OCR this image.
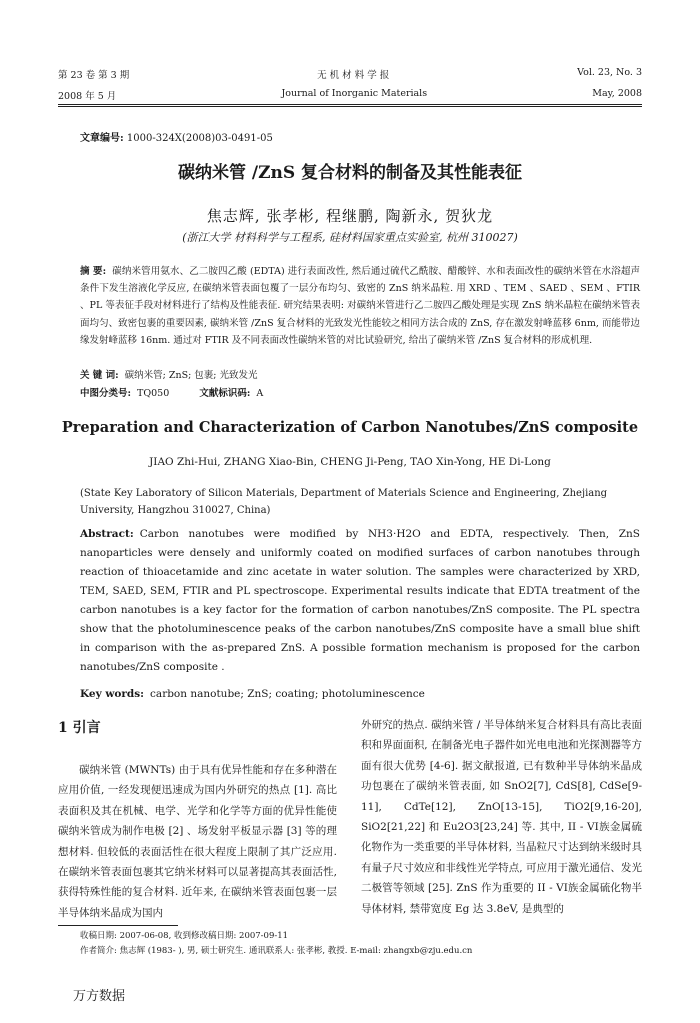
第 23 卷 第 3 期	无 机 材 料 学 报	Vol. 23, No. 3
2008 年 5 月	Journal of Inorganic Materials	May, 2008
文章编号: 1000-324X(2008)03-0491-05
碳纳米管 /ZnS 复合材料的制备及其性能表征
焦志辉, 张孝彬, 程继鹏, 陶新永, 贺狄龙
(浙江大学 材料科学与工程系, 硅材料国家重点实验室, 杭州 310027)
摘 要: 碳纳米管用氨水、乙二胺四乙酸 (EDTA) 进行表面改性, 然后通过硫代乙酰胺、醋酸锌、水和表面改性的碳纳米管在水浴超声条件下发生溶液化学反应, 在碳纳米管表面包覆了一层分布均匀、致密的 ZnS 纳米晶粒. 用 XRD 、TEM 、SAED 、SEM 、FTIR 、PL 等表征手段对材料进行了结构及性能表征. 研究结果表明: 对碳纳米管进行乙二胺四乙酸处理是实现 ZnS 纳米晶粒在碳纳米管表面均匀、致密包裹的重要因素, 碳纳米管 /ZnS 复合材料的光致发光性能较之相同方法合成的 ZnS, 存在激发射峰蓝移 6nm, 而能带边缘发射峰蓝移 16nm. 通过对 FTIR 及不同表面改性碳纳米管的对比试验研究, 给出了碳纳米管 /ZnS 复合材料的形成机理.
关 键 词: 碳纳米管; ZnS; 包裹; 光致发光
中图分类号: TQ050	文献标识码: A
Preparation and Characterization of Carbon Nanotubes/ZnS composite
JIAO Zhi-Hui, ZHANG Xiao-Bin, CHENG Ji-Peng, TAO Xin-Yong, HE Di-Long
(State Key Laboratory of Silicon Materials, Department of Materials Science and Engineering, Zhejiang University, Hangzhou 310027, China)
Abstract: Carbon nanotubes were modified by NH3·H2O and EDTA, respectively. Then, ZnS nanoparticles were densely and uniformly coated on modified surfaces of carbon nanotubes through reaction of thioacetamide and zinc acetate in water solution. The samples were characterized by XRD, TEM, SAED, SEM, FTIR and PL spectroscope. Experimental results indicate that EDTA treatment of the carbon nanotubes is a key factor for the formation of carbon nanotubes/ZnS composite. The PL spectra show that the photoluminescence peaks of the carbon nanotubes/ZnS composite have a small blue shift in comparison with the as-prepared ZnS. A possible formation mechanism is proposed for the carbon nanotubes/ZnS composite .
Key words: carbon nanotube; ZnS; coating; photoluminescence
1 引言
碳纳米管 (MWNTs) 由于具有优异性能和存在多种潜在应用价值, 一经发现便迅速成为国内外研究的热点 [1]. 高比表面积及其在机械、电学、光学和化学等方面的优异性能使碳纳米管成为制作电极 [2] 、场发射平板显示器 [3] 等的理想材料. 但较低的表面活性在很大程度上限制了其广泛应用. 在碳纳米管表面包裹其它纳米材料可以显著提高其表面活性, 获得特殊性能的复合材料. 近年来, 在碳纳米管表面包裹一层半导体纳米晶成为国内
外研究的热点. 碳纳米管 / 半导体纳米复合材料具有高比表面积和界面面积, 在制备光电子器件如光电电池和光探测器等方面有很大优势 [4-6]. 据文献报道, 已有数种半导体纳米晶成功包裹在了碳纳米管表面, 如 SnO2[7], CdS[8], CdSe[9-11], CdTe[12], ZnO[13-15], TiO2[9,16-20], SiO2[21,22] 和 Eu2O3[23,24] 等. 其中, II - VI族金属硫化物作为一类重要的半导体材料, 当晶粒尺寸达到纳米级时具有量子尺寸效应和非线性光学特点, 可应用于激光通信、发光二极管等领域 [25]. ZnS 作为重要的 II - VI族金属硫化物半导体材料, 禁带宽度 Eg 达 3.8eV, 是典型的
收稿日期: 2007-06-08, 收到修改稿日期: 2007-09-11
作者简介: 焦志辉 (1983- ), 男, 硕士研究生. 通讯联系人: 张孝彬, 教授. E-mail: zhangxb@zju.edu.cn
万方数据
